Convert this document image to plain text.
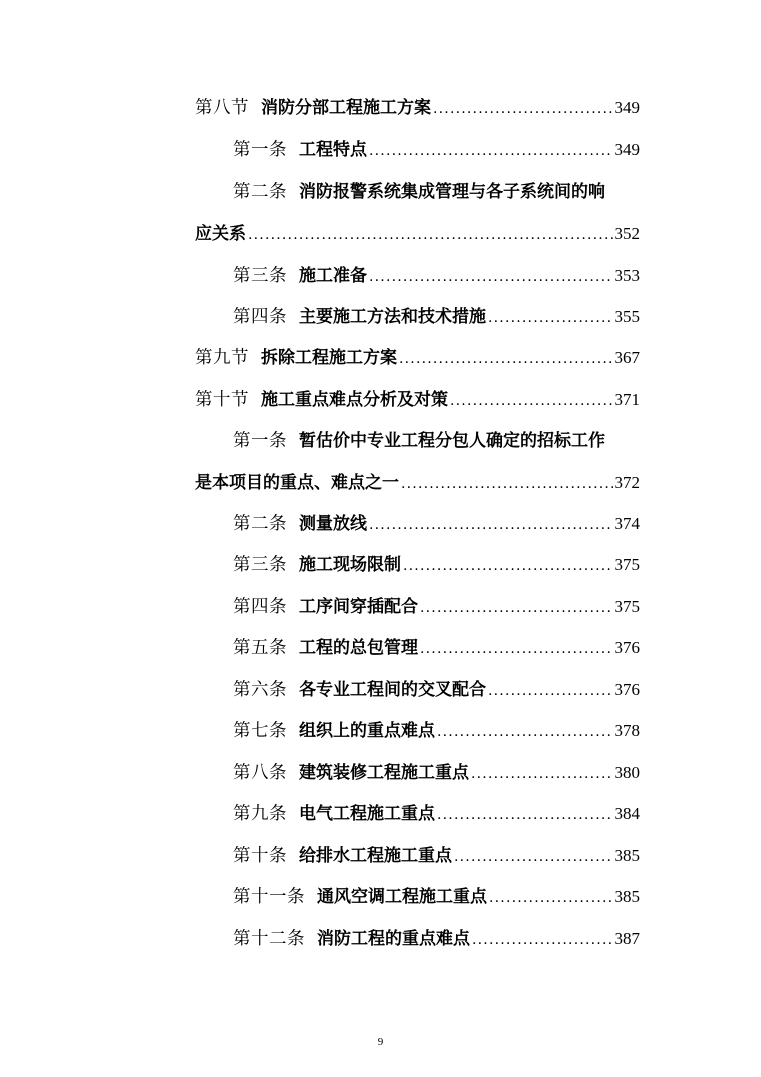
第八节 消防分部工程施工方案 .....	349
第一条 工程特点 .....	349
第二条 消防报警系统集成管理与各子系统间的响
应关系 .....	352
第三条 施工准备 .....	353
第四条 主要施工方法和技术措施 .....	355
第九节 拆除工程施工方案 .....	367
第十节 施工重点难点分析及对策 .....	371
第一条 暂估价中专业工程分包人确定的招标工作
是本项目的重点、难点之一 .....	372
第二条 测量放线 .....	374
第三条 施工现场限制 .....	375
第四条 工序间穿插配合 .....	375
第五条 工程的总包管理 .....	376
第六条 各专业工程间的交叉配合 .....	376
第七条 组织上的重点难点 .....	378
第八条 建筑装修工程施工重点 .....	380
第九条 电气工程施工重点 .....	384
第十条 给排水工程施工重点 .....	385
第十一条 通风空调工程施工重点 .....	385
第十二条 消防工程的重点难点 .....	387
9
